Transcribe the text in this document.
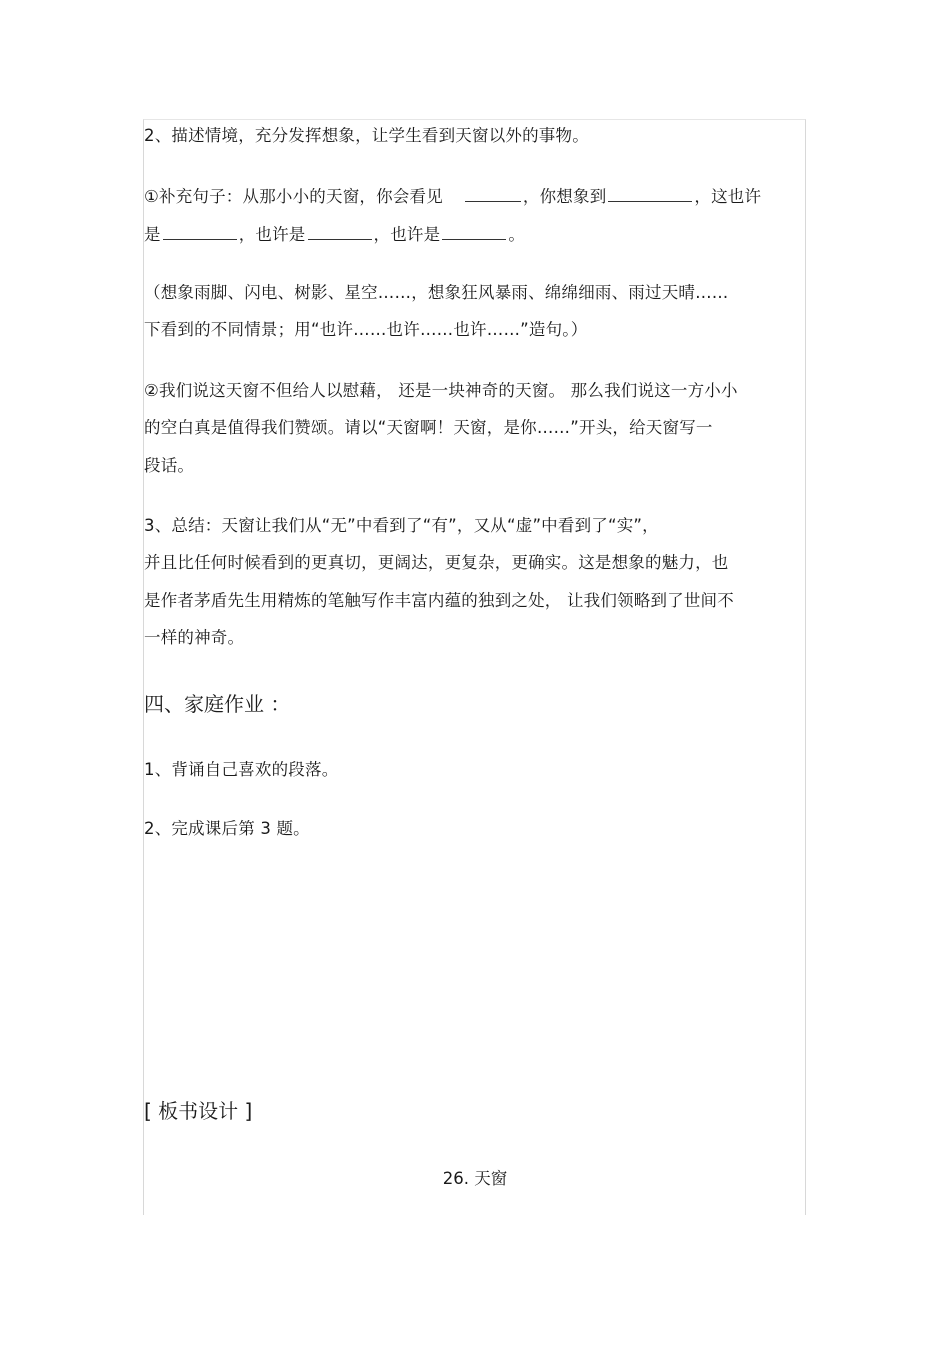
2、描述情境，充分发挥想象，让学生看到天窗以外的事物。
①补充句子：从那小小的天窗，你会看见	，你想象到	，这也许
是	，也许是	，也许是	。
（想象雨脚、闪电、树影、星空……，想象狂风暴雨、绵绵细雨、雨过天晴……
下看到的不同情景；用“也许……也许……也许……”造句。）
②我们说这天窗不但给人以慰藉， 还是一块神奇的天窗。 那么我们说这一方小小
的空白真是值得我们赞颂。请以“天窗啊！天窗，是你……”开头，给天窗写一
段话。
3、总结：天窗让我们从“无”中看到了“有”，又从“虚”中看到了“实”，
并且比任何时候看到的更真切，更阔达，更复杂，更确实。这是想象的魅力，也
是作者茅盾先生用精炼的笔触写作丰富内蕴的独到之处， 让我们领略到了世间不
一样的神奇。
四、家庭作业 ：
1、背诵自己喜欢的段落。
2、完成课后第 3 题。
[ 板书设计 ]
26. 天窗
